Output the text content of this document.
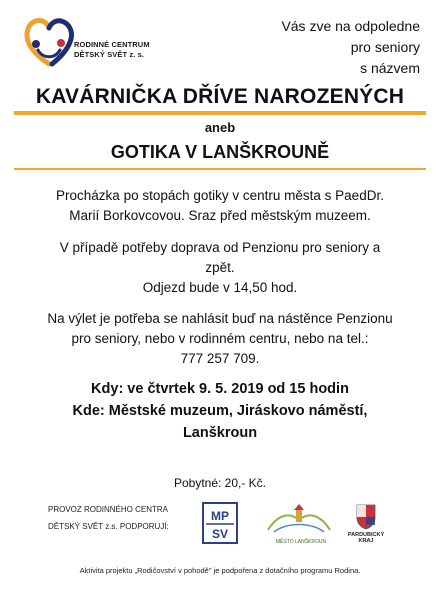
RODINNÉ CENTRUM
DĚTSKÝ SVĚT z. s.
Vás zve na odpoledne
pro seniory
s názvem
KAVÁRNIČKA DŘÍVE NAROZENÝCH
aneb
GOTIKA V LANŠKROUNĚ
Procházka po stopách gotiky v centru města s PaedDr.
Marií Borkovcovou. Sraz před městským muzeem.
V případě potřeby doprava od Penzionu pro seniory a
zpět.
Odjezd bude v 14,50 hod.
Na výlet je potřeba se nahlásit buď na nástěnce Penzionu
pro seniory, nebo v rodinném centru, nebo na tel.:
777 257 709.
Kdy: ve čtvrtek 9. 5. 2019 od 15 hodin
Kde: Městské muzeum, Jiráskovo náměstí,
Lanškroun
Pobytné: 20,- Kč.
PROVOZ RODINNÉHO CENTRA
DĚTSKÝ SVĚT z.s. PODPORUJÍ:
MP
SV
MĚSTO LANŠKROUN
PARDUBICKÝ KRAJ
Aktivita projektu „Rodičovství v pohodě" je podpořena z dotačního programu Rodina.
